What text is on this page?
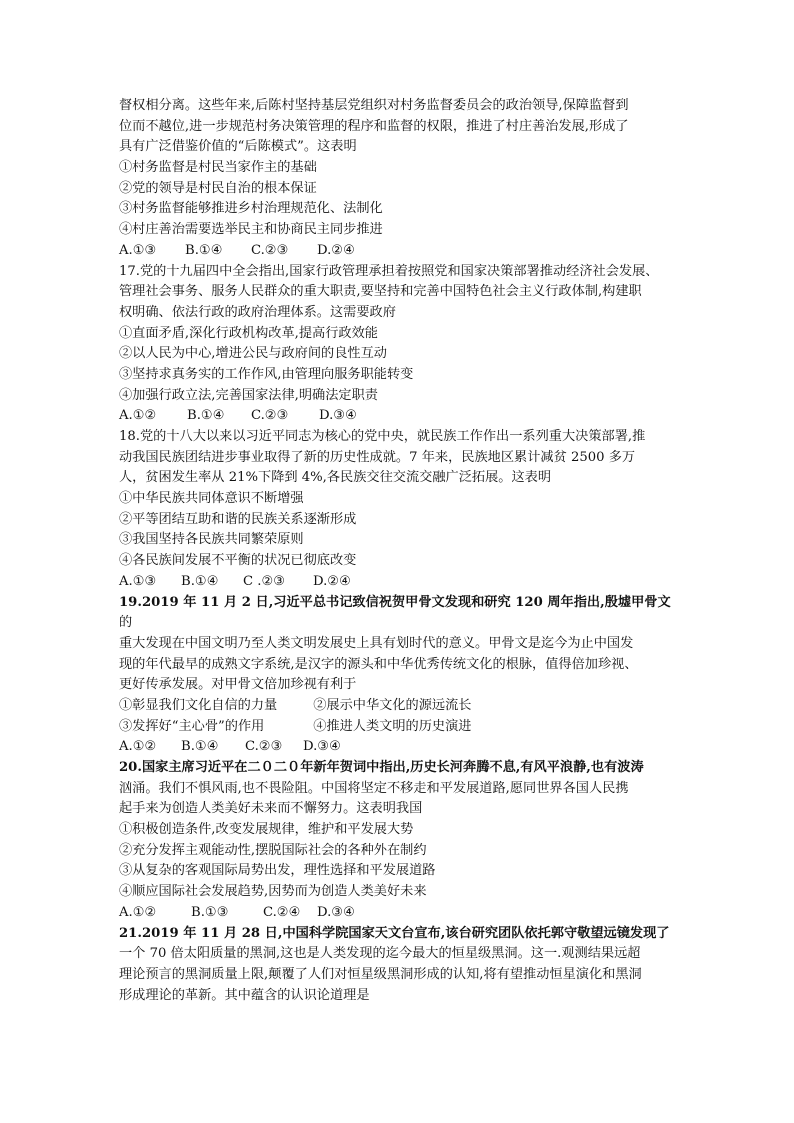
督权相分离。这些年来,后陈村坚持基层党组织对村务监督委员会的政治领导,保障监督到
位而不越位,进一步规范村务决策管理的程序和监督的权限，推进了村庄善治发展,形成了
具有广泛借鉴价值的“后陈模式”。这表明
①村务监督是村民当家作主的基础
②党的领导是村民自治的根本保证
③村务监督能够推进乡村治理规范化、法制化
④村庄善治需要选举民主和协商民主同步推进
A.①③	B.①④	C.②③	D.②④
17.党的十九届四中全会指出,国家行政管理承担着按照党和国家决策部署推动经济社会发展、
管理社会事务、服务人民群众的重大职责,要坚持和完善中国特色社会主义行政体制,构建职
权明确、依法行政的政府治理体系。这需要政府
①直面矛盾,深化行政机构改革,提高行政效能
②以人民为中心,增进公民与政府间的良性互动
③坚持求真务实的工作作风,由管理向服务职能转变
④加强行政立法,完善国家法律,明确法定职责
A.①②	B.①④	C.②③	D.③④
18.党的十八大以来以习近平同志为核心的党中央，就民族工作作出一系列重大决策部署,推
动我国民族团结进步事业取得了新的历史性成就。7 年来，民族地区累计减贫 2500 多万
人，贫困发生率从 21%下降到 4%,各民族交往交流交融广泛拓展。这表明
①中华民族共同体意识不断增强
②平等团结互助和谐的民族关系逐渐形成
③我国坚持各民族共同繁荣原则
④各民族间发展不平衡的状况已彻底改变
A.①③	B.①④	C .②③	D.②④
19.2019 年 11 月 2 日,习近平总书记致信祝贺甲骨文发现和研究 120 周年指出,殷墟甲骨文
的
重大发现在中国文明乃至人类文明发展史上具有划时代的意义。甲骨文是迄今为止中国发
现的年代最早的成熟文字系统,是汉字的源头和中华优秀传统文化的根脉，值得倍加珍视、
更好传承发展。对甲骨文倍加珍视有利于
①彰显我们文化自信的力量	②展示中华文化的源远流长
③发挥好“主心骨”的作用	④推进人类文明的历史演进
A.①②	B.①④	C.②③	D.③④
20.国家主席习近平在二０二０年新年贺词中指出,历史长河奔腾不息,有风平浪静,也有波涛
汹涌。我们不惧风雨,也不畏险阻。中国将坚定不移走和平发展道路,愿同世界各国人民携
起手来为创造人类美好未来而不懈努力。这表明我国
①积极创造条件,改变发展规律，维护和平发展大势
②充分发挥主观能动性,摆脱国际社会的各种外在制约
③从复杂的客观国际局势出发，理性选择和平发展道路
④顺应国际社会发展趋势,因势而为创造人类美好未来
A.①②	B.①③	C.②④	D.③④
21.2019 年 11 月 28 日,中国科学院国家天文台宣布,该台研究团队依托郭守敬望远镜发现了
一个 70 倍太阳质量的黑洞,这也是人类发现的迄今最大的恒星级黑洞。这一.观测结果远超
理论预言的黑洞质量上限,颠覆了人们对恒星级黑洞形成的认知,将有望推动恒星演化和黑洞
形成理论的革新。其中蕴含的认识论道理是
